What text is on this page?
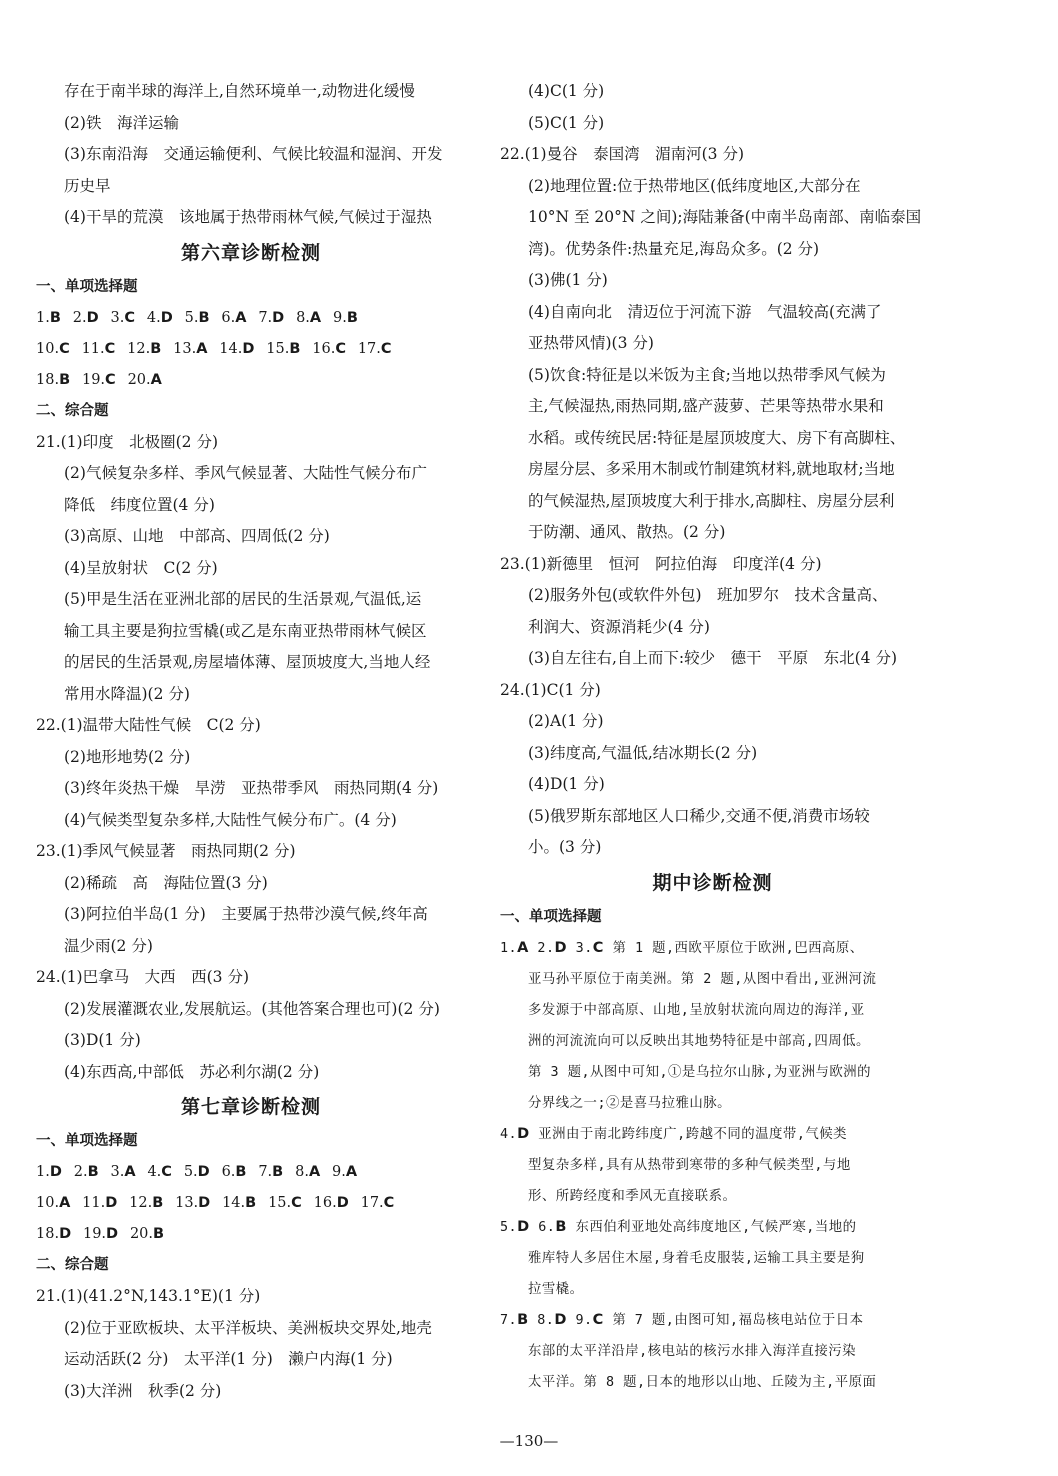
存在于南半球的海洋上,自然环境单一,动物进化缓慢
(2)铁　海洋运输
(3)东南沿海　交通运输便利、气候比较温和湿润、开发
历史早
(4)干旱的荒漠　该地属于热带雨林气候,气候过于湿热
第六章诊断检测
一、单项选择题
1.B  2.D  3.C  4.D  5.B  6.A  7.D  8.A  9.B
10.C  11.C  12.B  13.A  14.D  15.B  16.C  17.C
18.B  19.C  20.A
二、综合题
21.(1)印度　北极圈(2 分)
(2)气候复杂多样、季风气候显著、大陆性气候分布广
降低　纬度位置(4 分)
(3)高原、山地　中部高、四周低(2 分)
(4)呈放射状　C(2 分)
(5)甲是生活在亚洲北部的居民的生活景观,气温低,运
输工具主要是狗拉雪橇(或乙是东南亚热带雨林气候区
的居民的生活景观,房屋墙体薄、屋顶坡度大,当地人经
常用水降温)(2 分)
22.(1)温带大陆性气候　C(2 分)
(2)地形地势(2 分)
(3)终年炎热干燥　旱涝　亚热带季风　雨热同期(4 分)
(4)气候类型复杂多样,大陆性气候分布广。(4 分)
23.(1)季风气候显著　雨热同期(2 分)
(2)稀疏　高　海陆位置(3 分)
(3)阿拉伯半岛(1 分)　主要属于热带沙漠气候,终年高
温少雨(2 分)
24.(1)巴拿马　大西　西(3 分)
(2)发展灌溉农业,发展航运。(其他答案合理也可)(2 分)
(3)D(1 分)
(4)东西高,中部低　苏必利尔湖(2 分)
第七章诊断检测
一、单项选择题
1.D  2.B  3.A  4.C  5.D  6.B  7.B  8.A  9.A
10.A  11.D  12.B  13.D  14.B  15.C  16.D  17.C
18.D  19.D  20.B
二、综合题
21.(1)(41.2°N,143.1°E)(1 分)
(2)位于亚欧板块、太平洋板块、美洲板块交界处,地壳
运动活跃(2 分)　太平洋(1 分)　濑户内海(1 分)
(3)大洋洲　秋季(2 分)
(4)C(1 分)
(5)C(1 分)
22.(1)曼谷　泰国湾　湄南河(3 分)
(2)地理位置:位于热带地区(低纬度地区,大部分在
10°N 至 20°N 之间);海陆兼备(中南半岛南部、南临泰国
湾)。优势条件:热量充足,海岛众多。(2 分)
(3)佛(1 分)
(4)自南向北　清迈位于河流下游　气温较高(充满了
亚热带风情)(3 分)
(5)饮食:特征是以米饭为主食;当地以热带季风气候为
主,气候湿热,雨热同期,盛产菠萝、芒果等热带水果和
水稻。或传统民居:特征是屋顶坡度大、房下有高脚柱、
房屋分层、多采用木制或竹制建筑材料,就地取材;当地
的气候湿热,屋顶坡度大利于排水,高脚柱、房屋分层利
于防潮、通风、散热。(2 分)
23.(1)新德里　恒河　阿拉伯海　印度洋(4 分)
(2)服务外包(或软件外包)　班加罗尔　技术含量高、
利润大、资源消耗少(4 分)
(3)自左往右,自上而下:较少　德干　平原　东北(4 分)
24.(1)C(1 分)
(2)A(1 分)
(3)纬度高,气温低,结冰期长(2 分)
(4)D(1 分)
(5)俄罗斯东部地区人口稀少,交通不便,消费市场较
小。(3 分)
期中诊断检测
一、单项选择题
1.A  2.D  3.C  第 1 题,西欧平原位于欧洲,巴西高原、
亚马孙平原位于南美洲。第 2 题,从图中看出,亚洲河流
多发源于中部高原、山地,呈放射状流向周边的海洋,亚
洲的河流流向可以反映出其地势特征是中部高,四周低。
第 3 题,从图中可知,①是乌拉尔山脉,为亚洲与欧洲的
分界线之一;②是喜马拉雅山脉。
4.D  亚洲由于南北跨纬度广,跨越不同的温度带,气候类
型复杂多样,具有从热带到寒带的多种气候类型,与地
形、所跨经度和季风无直接联系。
5.D  6.B  东西伯利亚地处高纬度地区,气候严寒,当地的
雅库特人多居住木屋,身着毛皮服装,运输工具主要是狗
拉雪橇。
7.B  8.D  9.C  第 7 题,由图可知,福岛核电站位于日本
东部的太平洋沿岸,核电站的核污水排入海洋直接污染
太平洋。第 8 题,日本的地形以山地、丘陵为主,平原面
—130—
